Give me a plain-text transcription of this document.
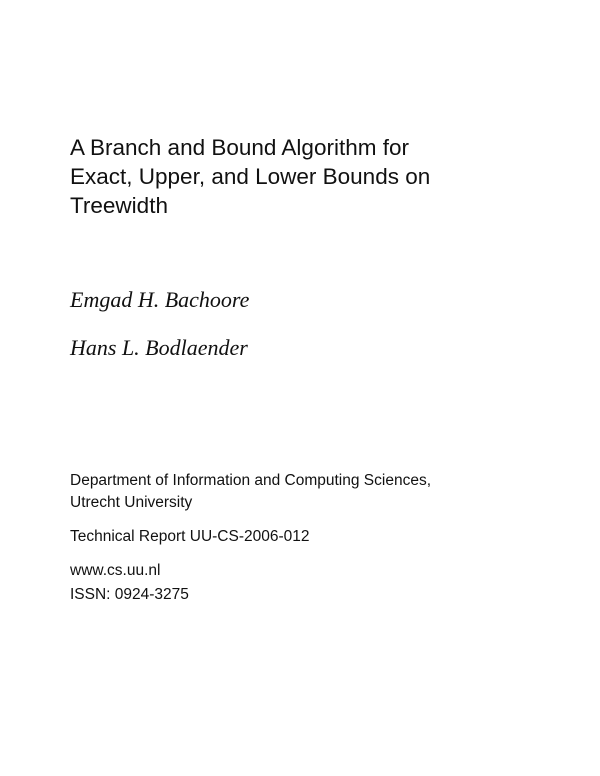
A Branch and Bound Algorithm for
Exact, Upper, and Lower Bounds on
Treewidth
Emgad H. Bachoore
Hans L. Bodlaender
Department of Information and Computing Sciences,
Utrecht University
Technical Report UU-CS-2006-012
www.cs.uu.nl
ISSN: 0924-3275
